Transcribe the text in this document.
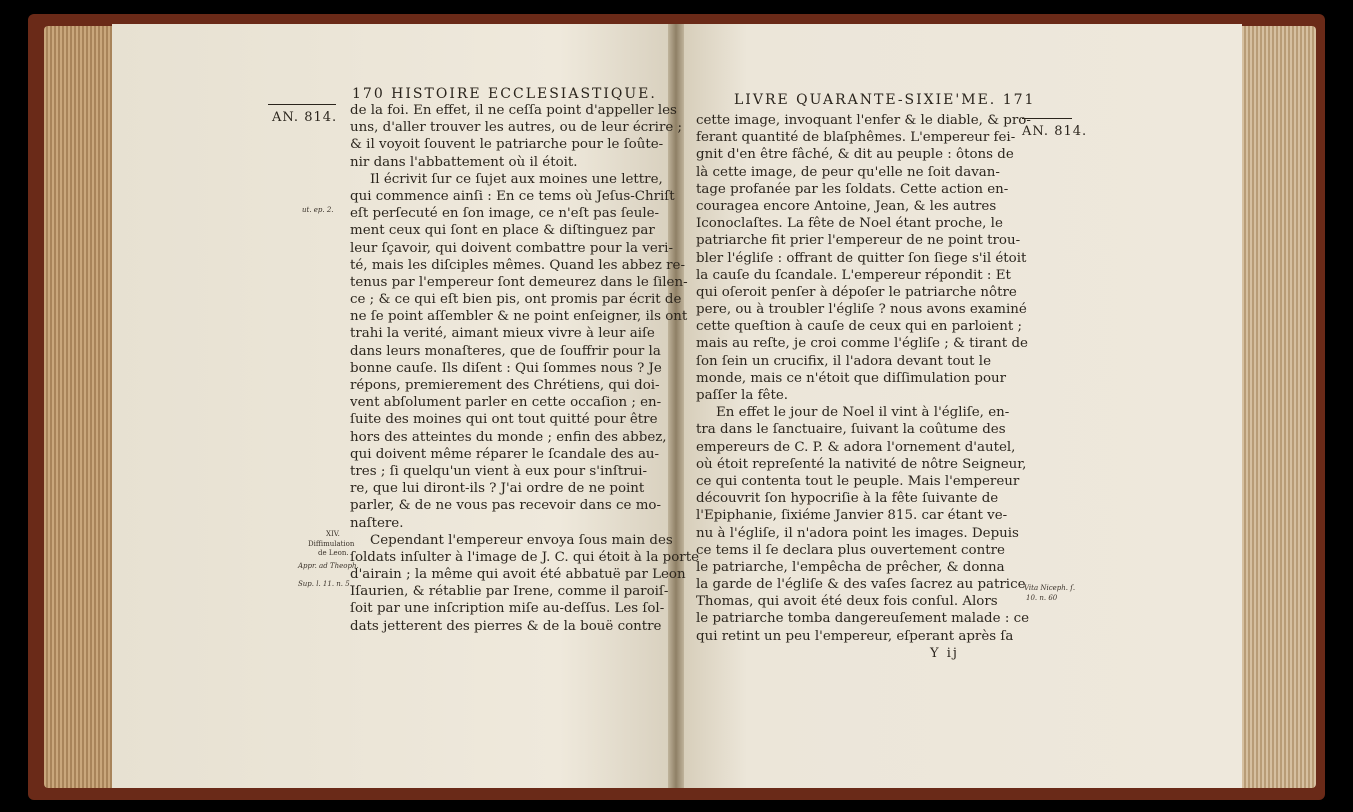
170 HISTOIRE ECCLESIASTIQUE.
AN. 814.
ut. ep. 2.
XIV.
Diffimulation
de Leon.
Appr. ad Theoph.
Sup. l. 11. n. 5.
de la foi. En effet, il ne ceſſa point d'appeller les
uns, d'aller trouver les autres, ou de leur écrire ;
& il voyoit ſouvent le patriarche pour le ſoûte-
nir dans l'abbattement où il étoit.
Il écrivit ſur ce ſujet aux moines une lettre,
qui commence ainſi : En ce tems où Jeſus-Chriſt
eſt perſecuté en ſon image, ce n'eſt pas ſeule-
ment ceux qui ſont en place & diſtinguez par
leur ſçavoir, qui doivent combattre pour la veri-
té, mais les diſciples mêmes. Quand les abbez re-
tenus par l'empereur ſont demeurez dans le ſilen-
ce ; & ce qui eſt bien pis, ont promis par écrit de
ne ſe point aſſembler & ne point enſeigner, ils ont
trahi la verité, aimant mieux vivre à leur aiſe
dans leurs monaſteres, que de ſouffrir pour la
bonne cauſe. Ils diſent : Qui ſommes nous ? Je
répons, premierement des Chrétiens, qui doi-
vent abſolument parler en cette occaſion ; en-
ſuite des moines qui ont tout quitté pour être
hors des atteintes du monde ; enfin des abbez,
qui doivent même réparer le ſcandale des au-
tres ; ſi quelqu'un vient à eux pour s'inſtrui-
re, que lui diront-ils ? J'ai ordre de ne point
parler, & de ne vous pas recevoir dans ce mo-
naſtere.
Cependant l'empereur envoya ſous main des
ſoldats inſulter à l'image de J. C. qui étoit à la porte
d'airain ; la même qui avoit été abbatuë par Leon
Iſaurien, & rétablie par Irene, comme il paroiſ-
ſoit par une inſcription miſe au-deſſus. Les ſol-
dats jetterent des pierres & de la bouë contre
LIVRE QUARANTE-SIXIE'ME. 171
AN. 814.
Vita Niceph. ſ.
10. n. 60
cette image, invoquant l'enfer & le diable, & pro-
ferant quantité de blaſphêmes. L'empereur fei-
gnit d'en être fâché, & dit au peuple : ôtons de
là cette image, de peur qu'elle ne ſoit davan-
tage profanée par les ſoldats. Cette action en-
couragea encore Antoine, Jean, & les autres
Iconoclaſtes. La fête de Noel étant proche, le
patriarche fit prier l'empereur de ne point trou-
bler l'égliſe : offrant de quitter ſon ſiege s'il étoit
la cauſe du ſcandale. L'empereur répondit : Et
qui oſeroit penſer à dépoſer le patriarche nôtre
pere, ou à troubler l'égliſe ? nous avons examiné
cette queſtion à cauſe de ceux qui en parloient ;
mais au reſte, je croi comme l'égliſe ; & tirant de
ſon ſein un crucifix, il l'adora devant tout le
monde, mais ce n'étoit que diſſimulation pour
paſſer la fête.
En effet le jour de Noel il vint à l'égliſe, en-
tra dans le ſanctuaire, ſuivant la coûtume des
empereurs de C. P. & adora l'ornement d'autel,
où étoit repreſenté la nativité de nôtre Seigneur,
ce qui contenta tout le peuple. Mais l'empereur
découvrit ſon hypocriſie à la fête ſuivante de
l'Epiphanie, ſixiéme Janvier 815. car étant ve-
nu à l'égliſe, il n'adora point les images. Depuis
ce tems il ſe declara plus ouvertement contre
le patriarche, l'empêcha de prêcher, & donna
la garde de l'égliſe & des vaſes ſacrez au patrice
Thomas, qui avoit été deux fois conſul. Alors
le patriarche tomba dangereuſement malade : ce
qui retint un peu l'empereur, eſperant après ſa
Y ij
